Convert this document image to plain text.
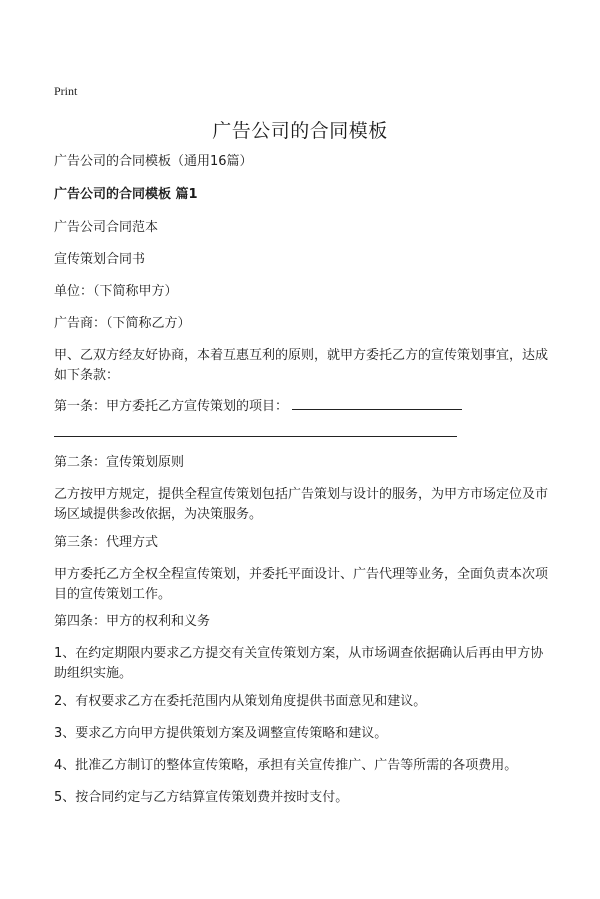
Print
广告公司的合同模板

广告公司的合同模板（通用16篇）

广告公司的合同模板 篇1

广告公司合同范本

宣传策划合同书

单位：（下简称甲方）

广告商：（下简称乙方）

甲、乙双方经友好协商，本着互惠互利的原则，就甲方委托乙方的宣传策划事宜，达成如下条款：

第一条：甲方委托乙方宣传策划的项目：

第二条：宣传策划原则

乙方按甲方规定，提供全程宣传策划包括广告策划与设计的服务，为甲方市场定位及市场区域提供参改依据，为决策服务。

第三条：代理方式

甲方委托乙方全权全程宣传策划，并委托平面设计、广告代理等业务，全面负责本次项目的宣传策划工作。

第四条：甲方的权利和义务

1、在约定期限内要求乙方提交有关宣传策划方案，从市场调查依据确认后再由甲方协助组织实施。

2、有权要求乙方在委托范围内从策划角度提供书面意见和建议。

3、要求乙方向甲方提供策划方案及调整宣传策略和建议。

4、批准乙方制订的整体宣传策略，承担有关宣传推广、广告等所需的各项费用。

5、按合同约定与乙方结算宣传策划费并按时支付。
